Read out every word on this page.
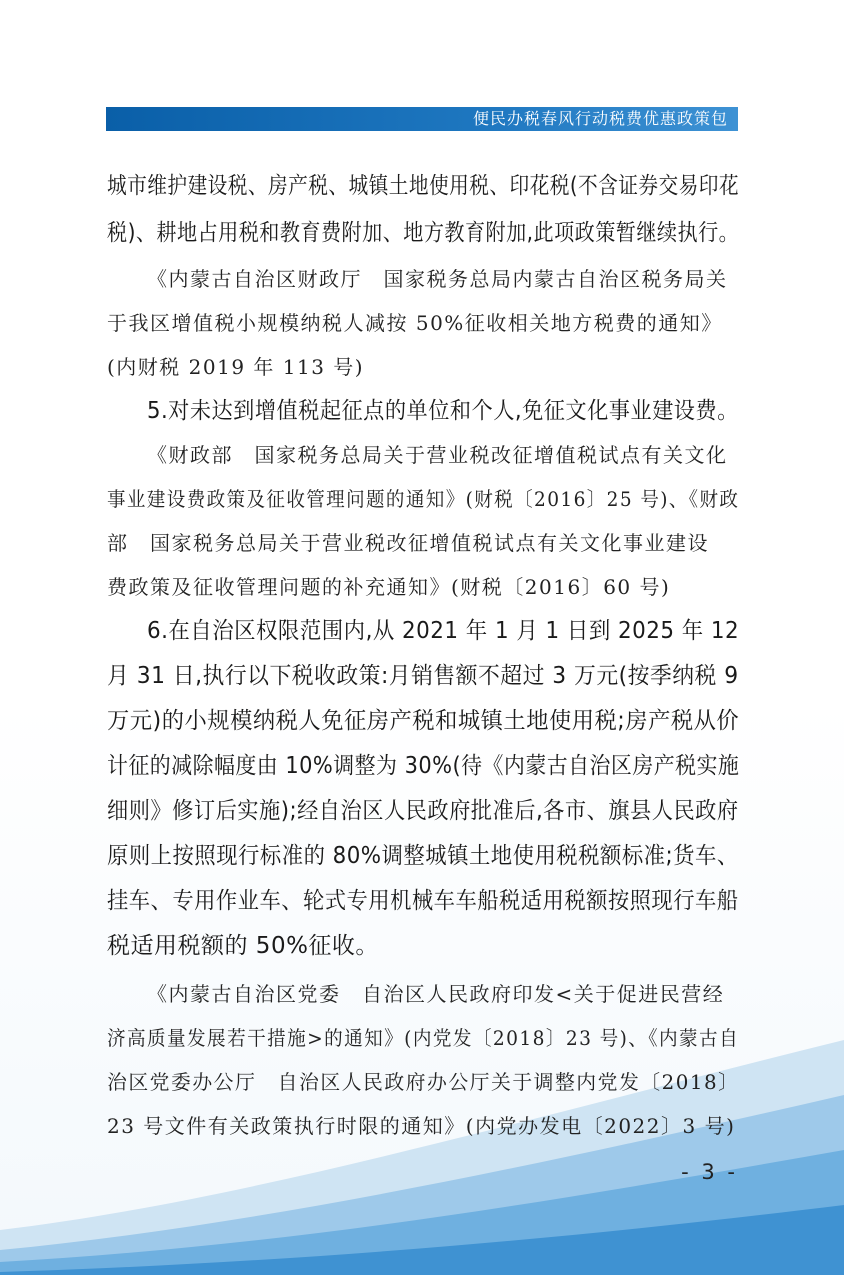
便民办税春风行动税费优惠政策包
城市维护建设税、房产税、城镇土地使用税、印花税(不含证券交易印花
税)、耕地占用税和教育费附加、地方教育附加,此项政策暂继续执行。
《内蒙古自治区财政厅　国家税务总局内蒙古自治区税务局关
于我区增值税小规模纳税人减按 50%征收相关地方税费的通知》
(内财税 2019 年 113 号)
5.对未达到增值税起征点的单位和个人,免征文化事业建设费。
《财政部　国家税务总局关于营业税改征增值税试点有关文化
事业建设费政策及征收管理问题的通知》(财税〔2016〕25 号)、《财政
部　国家税务总局关于营业税改征增值税试点有关文化事业建设
费政策及征收管理问题的补充通知》(财税〔2016〕60 号)
6.在自治区权限范围内,从 2021 年 1 月 1 日到 2025 年 12
月 31 日,执行以下税收政策:月销售额不超过 3 万元(按季纳税 9
万元)的小规模纳税人免征房产税和城镇土地使用税;房产税从价
计征的减除幅度由 10%调整为 30%(待《内蒙古自治区房产税实施
细则》修订后实施);经自治区人民政府批准后,各市、旗县人民政府
原则上按照现行标准的 80%调整城镇土地使用税税额标准;货车、
挂车、专用作业车、轮式专用机械车车船税适用税额按照现行车船
税适用税额的 50%征收。
《内蒙古自治区党委　自治区人民政府印发<关于促进民营经
济高质量发展若干措施>的通知》(内党发〔2018〕23 号)、《内蒙古自
治区党委办公厅　自治区人民政府办公厅关于调整内党发〔2018〕
23 号文件有关政策执行时限的通知》(内党办发电〔2022〕3 号)
- 3 -
